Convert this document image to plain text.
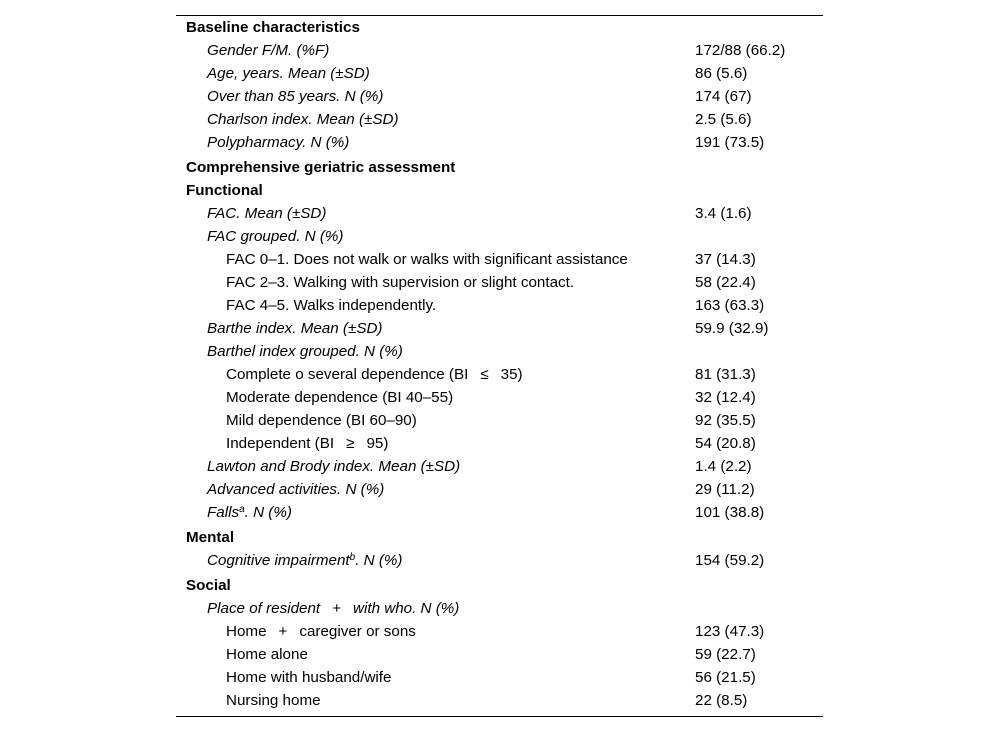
Baseline characteristics
Gender F/M. (%F)	172/88 (66.2)
Age, years. Mean (±SD)	86 (5.6)
Over than 85 years. N (%)	174 (67)
Charlson index. Mean (±SD)	2.5 (5.6)
Polypharmacy. N (%)	191 (73.5)
Comprehensive geriatric assessment
Functional
FAC. Mean (±SD)	3.4 (1.6)
FAC grouped. N (%)
FAC 0–1. Does not walk or walks with significant assistance	37 (14.3)
FAC 2–3. Walking with supervision or slight contact.	58 (22.4)
FAC 4–5. Walks independently.	163 (63.3)
Barthe index. Mean (±SD)	59.9 (32.9)
Barthel index grouped. N (%)
Complete o several dependence (BI ≤ 35)	81 (31.3)
Moderate dependence (BI 40–55)	32 (12.4)
Mild dependence (BI 60–90)	92 (35.5)
Independent (BI ≥ 95)	54 (20.8)
Lawton and Brody index. Mean (±SD)	1.4 (2.2)
Advanced activities. N (%)	29 (11.2)
Falls$^a$. N (%)	101 (38.8)
Mental
Cognitive impairment$^b$. N (%)	154 (59.2)
Social
Place of resident + with who. N (%)
Home + caregiver or sons	123 (47.3)
Home alone	59 (22.7)
Home with husband/wife	56 (21.5)
Nursing home	22 (8.5)
